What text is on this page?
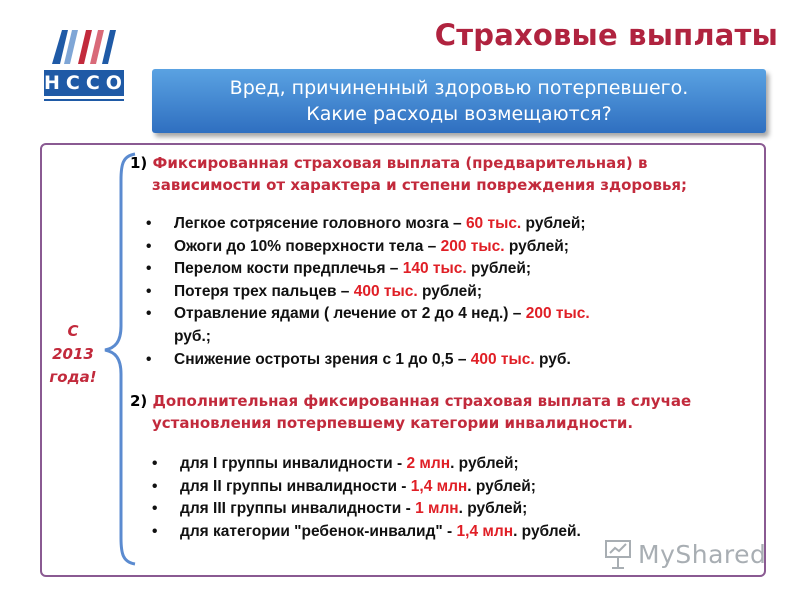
НССО
Страховые выплаты
Вред, причиненный здоровью потерпевшего.
Какие расходы возмещаются?
С
2013
года!
1) Фиксированная страховая выплата (предварительная) в
зависимости от характера и степени повреждения здоровья;
• Легкое сотрясение головного мозга – 60 тыс. рублей;
• Ожоги до 10% поверхности тела – 200 тыс. рублей;
• Перелом кости предплечья – 140 тыс. рублей;
• Потеря трех пальцев – 400 тыс. рублей;
• Отравление ядами ( лечение от 2 до 4 нед.) – 200 тыс.
руб.;
• Снижение остроты зрения с 1 до 0,5 – 400 тыс. руб.
2) Дополнительная фиксированная страховая выплата в случае
установления потерпевшему категории инвалидности.
• для I группы инвалидности - 2 млн. рублей;
• для II группы инвалидности - 1,4 млн. рублей;
• для III группы инвалидности - 1 млн. рублей;
• для категории "ребенок-инвалид" - 1,4 млн. рублей.
MyShared
